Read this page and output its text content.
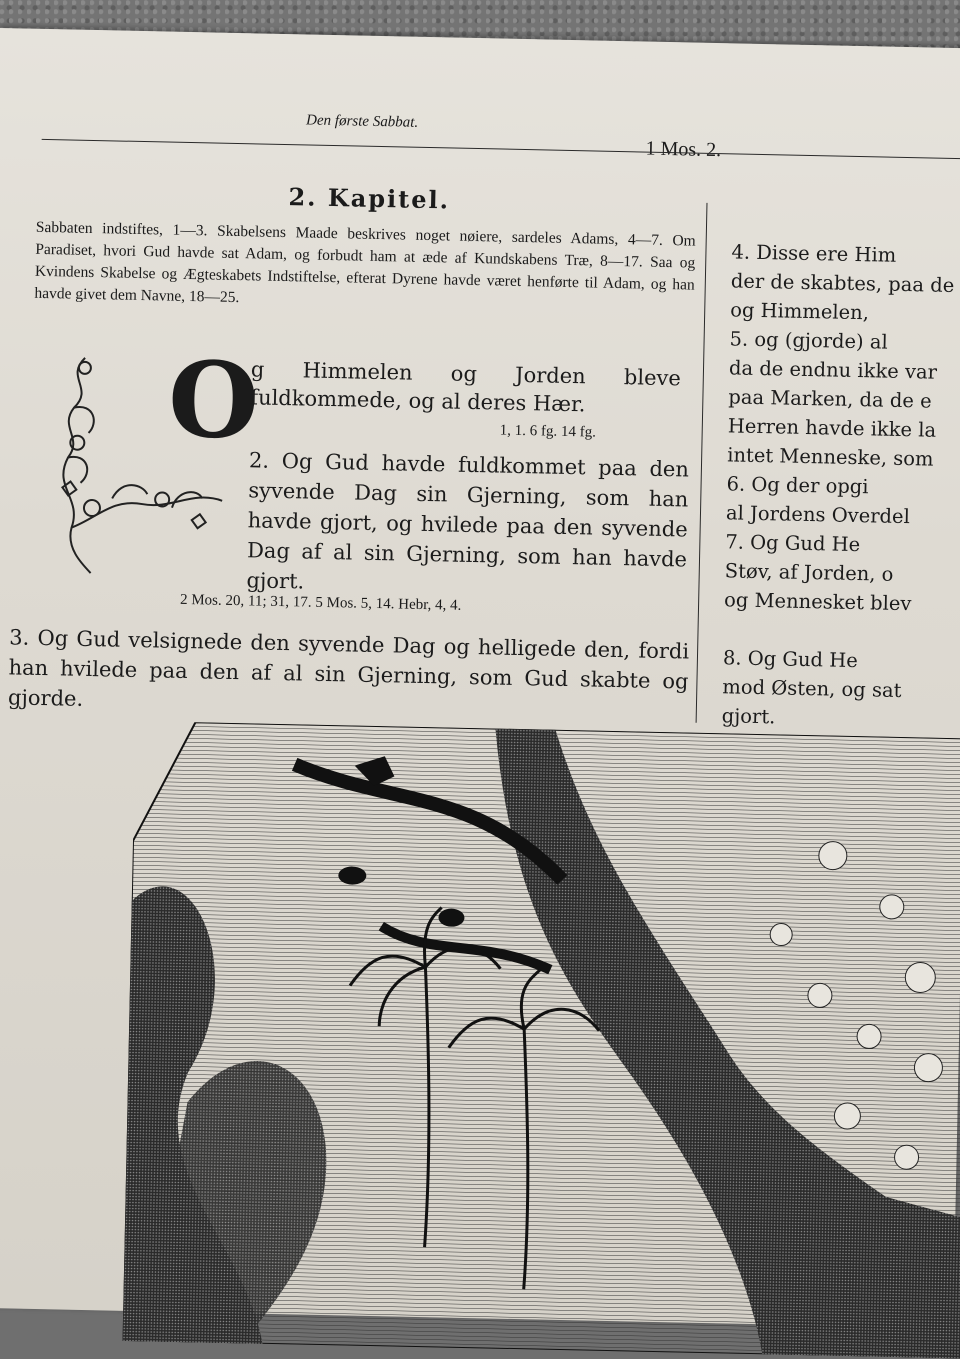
Den første Sabbat.
1 Mos. 2.
2. Kapitel.
Sabbaten indstiftes, 1—3. Skabelsens Maade beskrives noget nøiere, sardeles Adams, 4—7. Om Paradiset, hvori Gud havde sat Adam, og forbudt ham at æde af Kundskabens Træ, 8—17. Saa og Kvindens Skabelse og Ægteskabets Indstiftelse, efterat Dyrene havde været henførte til Adam, og han havde givet dem Navne, 18—25.
O
g Himmelen og Jorden bleve fuldkommede, og al deres Hær.
1, 1. 6 fg. 14 fg.
2. Og Gud havde fuldkommet paa den syvende Dag sin Gjerning, som han havde gjort, og hvilede paa den syvende Dag af al sin Gjerning, som han havde gjort.
2 Mos. 20, 11; 31, 17. 5 Mos. 5, 14. Hebr, 4, 4.
3. Og Gud velsignede den syvende Dag og helligede den, fordi han hvilede paa den af al sin Gjerning, som Gud skabte og gjorde.
4. Disse ere Him
der de skabtes, paa de
og Himmelen,
5. og (gjorde) al
da de endnu ikke var
paa Marken, da de e
Herren havde ikke la
intet Menneske, som
6. Og der opgi
al Jordens Overdel
7. Og Gud He
Støv, af Jorden, o
og Mennesket blev
8. Og Gud He
mod Østen, og sat
gjort.
